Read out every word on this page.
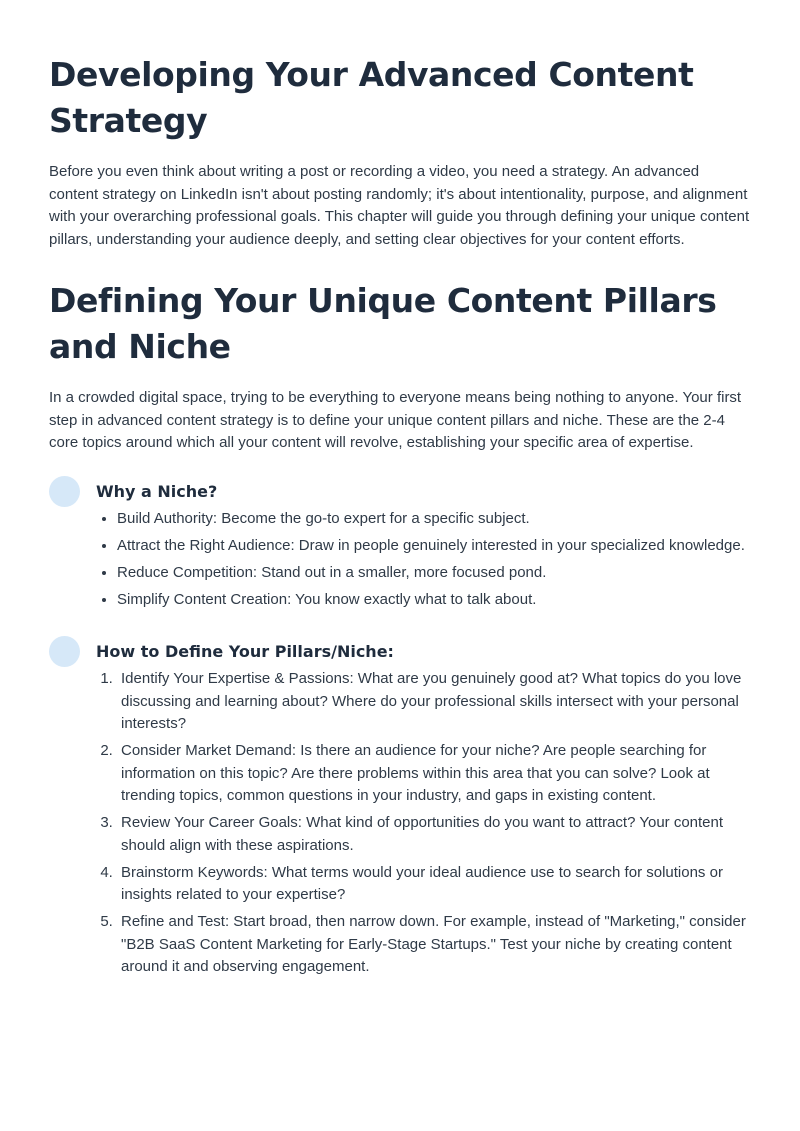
Developing Your Advanced Content Strategy

Before you even think about writing a post or recording a video, you need a strategy. An advanced content strategy on LinkedIn isn't about posting randomly; it's about intentionality, purpose, and alignment with your overarching professional goals. This chapter will guide you through defining your unique content pillars, understanding your audience deeply, and setting clear objectives for your content efforts.

Defining Your Unique Content Pillars and Niche

In a crowded digital space, trying to be everything to everyone means being nothing to anyone. Your first step in advanced content strategy is to define your unique content pillars and niche. These are the 2-4 core topics around which all your content will revolve, establishing your specific area of expertise.

Why a Niche?
• Build Authority: Become the go-to expert for a specific subject.
• Attract the Right Audience: Draw in people genuinely interested in your specialized knowledge.
• Reduce Competition: Stand out in a smaller, more focused pond.
• Simplify Content Creation: You know exactly what to talk about.
How to Define Your Pillars/Niche:
1. Identify Your Expertise & Passions: What are you genuinely good at? What topics do you love discussing and learning about? Where do your professional skills intersect with your personal interests?
2. Consider Market Demand: Is there an audience for your niche? Are people searching for information on this topic? Are there problems within this area that you can solve? Look at trending topics, common questions in your industry, and gaps in existing content.
3. Review Your Career Goals: What kind of opportunities do you want to attract? Your content should align with these aspirations.
4. Brainstorm Keywords: What terms would your ideal audience use to search for solutions or insights related to your expertise?
5. Refine and Test: Start broad, then narrow down. For example, instead of "Marketing," consider "B2B SaaS Content Marketing for Early-Stage Startups." Test your niche by creating content around it and observing engagement.
